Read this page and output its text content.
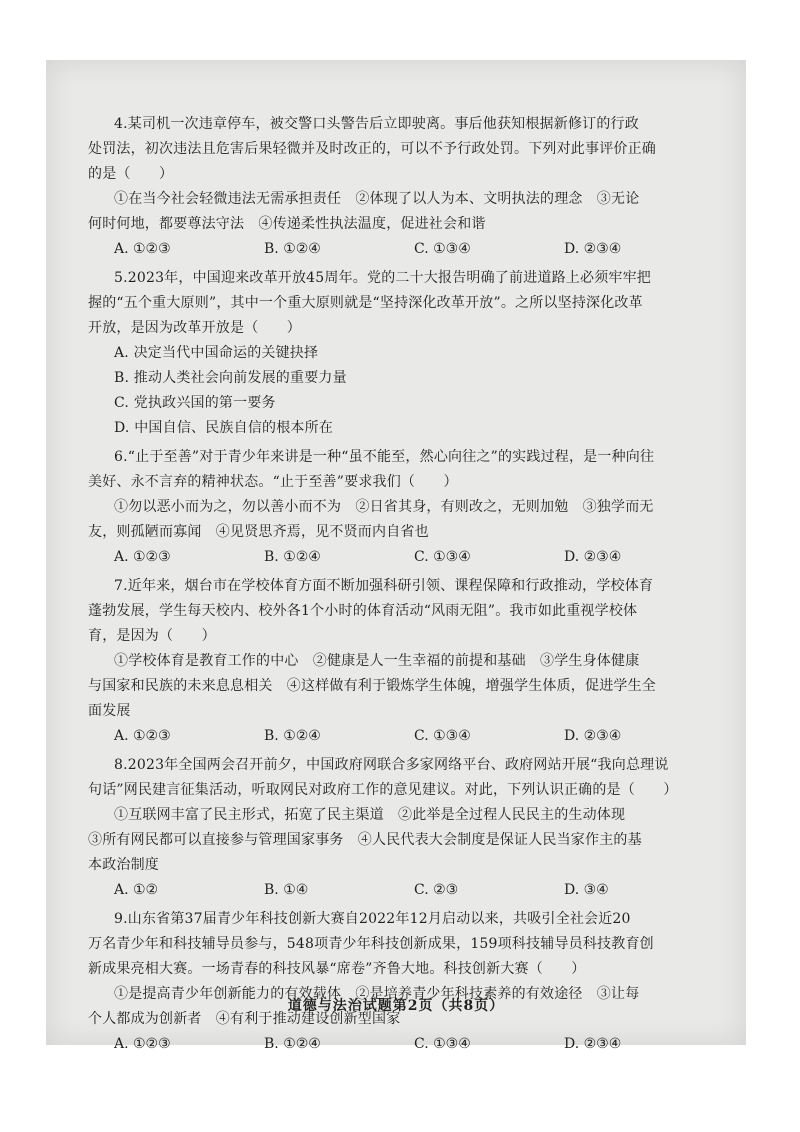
4.某司机一次违章停车，被交警口头警告后立即驶离。事后他获知根据新修订的行政
处罚法，初次违法且危害后果轻微并及时改正的，可以不予行政处罚。下列对此事评价正确
的是（　　）
①在当今社会轻微违法无需承担责任　②体现了以人为本、文明执法的理念　③无论
何时何地，都要尊法守法　④传递柔性执法温度，促进社会和谐
A. ①②③	B. ①②④	C. ①③④	D. ②③④
5.2023年，中国迎来改革开放45周年。党的二十大报告明确了前进道路上必须牢牢把
握的“五个重大原则”，其中一个重大原则就是“坚持深化改革开放”。之所以坚持深化改革
开放，是因为改革开放是（　　）
A. 决定当代中国命运的关键抉择
B. 推动人类社会向前发展的重要力量
C. 党执政兴国的第一要务
D. 中国自信、民族自信的根本所在
6.“止于至善”对于青少年来讲是一种“虽不能至，然心向往之”的实践过程，是一种向往
美好、永不言弃的精神状态。“止于至善”要求我们（　　）
①勿以恶小而为之，勿以善小而不为　②日省其身，有则改之，无则加勉　③独学而无
友，则孤陋而寡闻　④见贤思齐焉，见不贤而内自省也
A. ①②③	B. ①②④	C. ①③④	D. ②③④
7.近年来，烟台市在学校体育方面不断加强科研引领、课程保障和行政推动，学校体育
蓬勃发展，学生每天校内、校外各1个小时的体育活动“风雨无阻”。我市如此重视学校体
育，是因为（　　）
①学校体育是教育工作的中心　②健康是人一生幸福的前提和基础　③学生身体健康
与国家和民族的未来息息相关　④这样做有利于锻炼学生体魄，增强学生体质，促进学生全
面发展
A. ①②③	B. ①②④	C. ①③④	D. ②③④
8.2023年全国两会召开前夕，中国政府网联合多家网络平台、政府网站开展“我向总理说
句话”网民建言征集活动，听取网民对政府工作的意见建议。对此，下列认识正确的是（　　）
①互联网丰富了民主形式，拓宽了民主渠道　②此举是全过程人民民主的生动体现
③所有网民都可以直接参与管理国家事务　④人民代表大会制度是保证人民当家作主的基
本政治制度
A. ①②	B. ①④	C. ②③	D. ③④
9.山东省第37届青少年科技创新大赛自2022年12月启动以来，共吸引全社会近20
万名青少年和科技辅导员参与，548项青少年科技创新成果，159项科技辅导员科技教育创
新成果亮相大赛。一场青春的科技风暴“席卷”齐鲁大地。科技创新大赛（　　）
①是提高青少年创新能力的有效载体　②是培养青少年科技素养的有效途径　③让每
个人都成为创新者　④有利于推动建设创新型国家
A. ①②③	B. ①②④	C. ①③④	D. ②③④
道德与法治试题第2页（共8页）
